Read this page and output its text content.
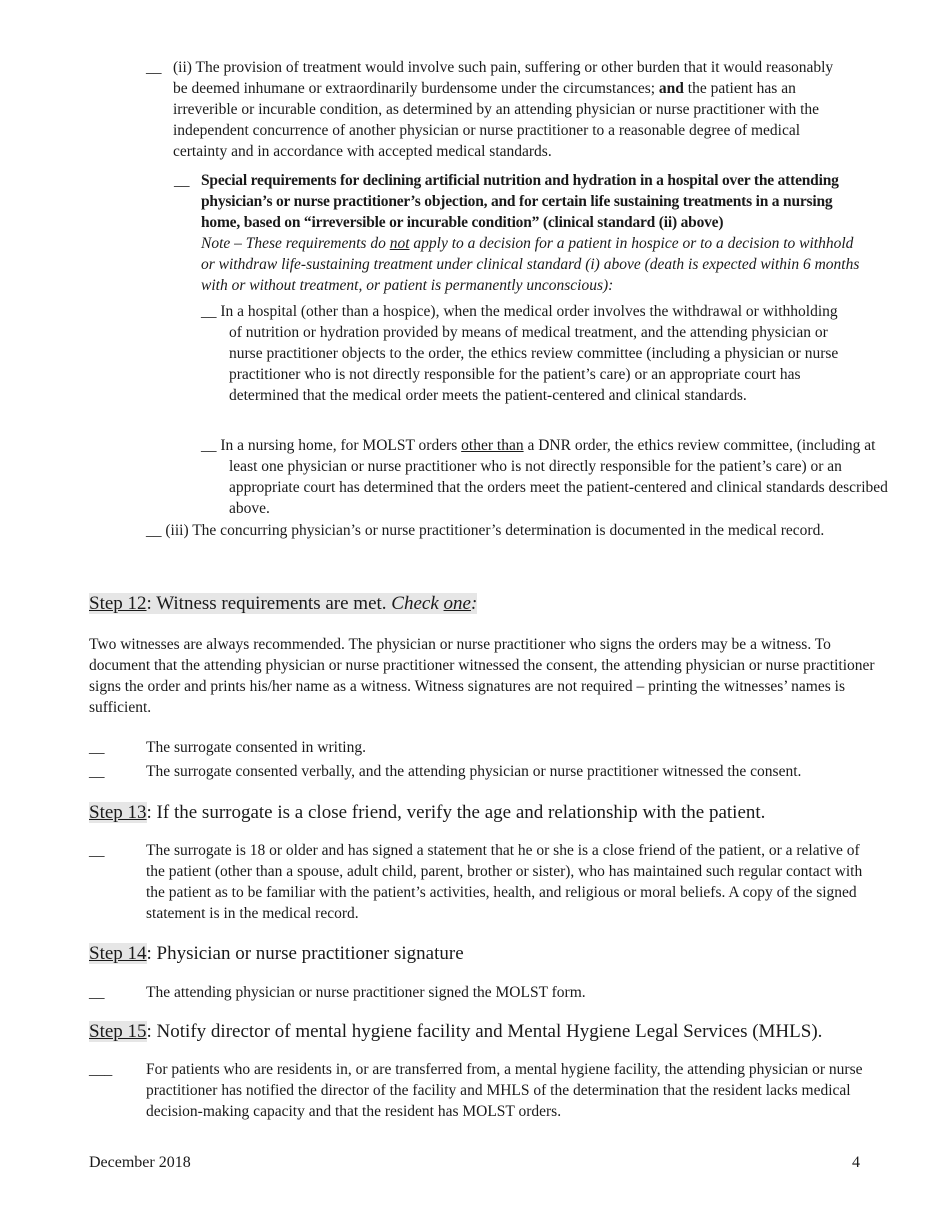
__ (ii) The provision of treatment would involve such pain, suffering or other burden that it would reasonably be deemed inhumane or extraordinarily burdensome under the circumstances; and the patient has an irreverible or incurable condition, as determined by an attending physician or nurse practitioner with the independent concurrence of another physician or nurse practitioner to a reasonable degree of medical certainty and in accordance with accepted medical standards.
__ Special requirements for declining artificial nutrition and hydration in a hospital over the attending physician’s or nurse practitioner’s objection, and for certain life sustaining treatments in a nursing home, based on “irreversible or incurable condition” (clinical standard (ii) above)
Note – These requirements do not apply to a decision for a patient in hospice or to a decision to withhold or withdraw life-sustaining treatment under clinical standard (i) above (death is expected within 6 months with or without treatment, or patient is permanently unconscious):
__ In a hospital (other than a hospice), when the medical order involves the withdrawal or withholding of nutrition or hydration provided by means of medical treatment, and the attending physician or nurse practitioner objects to the order, the ethics review committee (including a physician or nurse practitioner who is not directly responsible for the patient’s care) or an appropriate court has determined that the medical order meets the patient-centered and clinical standards.
__ In a nursing home, for MOLST orders other than a DNR order, the ethics review committee, (including at least one physician or nurse practitioner who is not directly responsible for the patient’s care) or an appropriate court has determined that the orders meet the patient-centered and clinical standards described above.
__ (iii) The concurring physician’s or nurse practitioner’s determination is documented in the medical record.
Step 12: Witness requirements are met. Check one:
Two witnesses are always recommended. The physician or nurse practitioner who signs the orders may be a witness. To document that the attending physician or nurse practitioner witnessed the consent, the attending physician or nurse practitioner signs the order and prints his/her name as a witness. Witness signatures are not required – printing the witnesses’ names is sufficient.
__	The surrogate consented in writing.
__	The surrogate consented verbally, and the attending physician or nurse practitioner witnessed the consent.
Step 13: If the surrogate is a close friend, verify the age and relationship with the patient.
__	The surrogate is 18 or older and has signed a statement that he or she is a close friend of the patient, or a relative of the patient (other than a spouse, adult child, parent, brother or sister), who has maintained such regular contact with the patient as to be familiar with the patient’s activities, health, and religious or moral beliefs. A copy of the signed statement is in the medical record.
Step 14: Physician or nurse practitioner signature
__	The attending physician or nurse practitioner signed the MOLST form.
Step 15: Notify director of mental hygiene facility and Mental Hygiene Legal Services (MHLS).
___	For patients who are residents in, or are transferred from, a mental hygiene facility, the attending physician or nurse practitioner has notified the director of the facility and MHLS of the determination that the resident lacks medical decision-making capacity and that the resident has MOLST orders.
December 2018	4
